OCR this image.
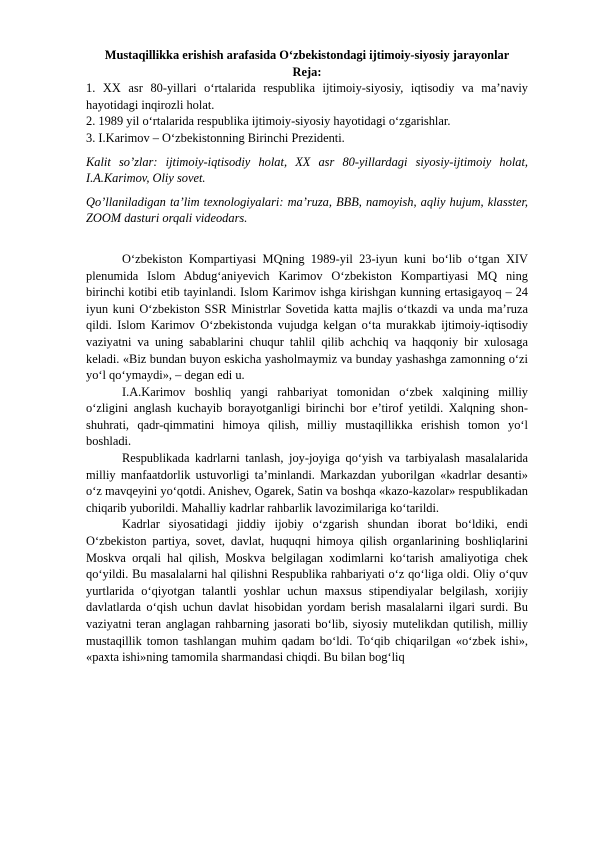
Mustaqillikka erishish arafasida O‘zbekistondagi ijtimoiy-siyosiy jarayonlar

Reja:

1. XX asr 80-yillari o‘rtalarida respublika ijtimoiy-siyosiy, iqtisodiy va ma’naviy hayotidagi inqirozli holat.

2. 1989 yil o‘rtalarida respublika ijtimoiy-siyosiy hayotidagi o‘zgarishlar.

3. I.Karimov – O‘zbekistonning Birinchi Prezidenti.

Kalit so’zlar: ijtimoiy-iqtisodiy holat, XX asr 80-yillardagi siyosiy-ijtimoiy holat, I.A.Karimov, Oliy sovet.

Qo’llaniladigan ta’lim texnologiyalari: ma’ruza, BBB, namoyish, aqliy hujum, klasster, ZOOM dasturi orqali videodars.

O‘zbekiston Kompartiyasi MQning 1989-yil 23-iyun kuni bo‘lib o‘tgan XIV plenumida Islom Abdug‘aniyevich Karimov O‘zbekiston Kompartiyasi MQ ning birinchi kotibi etib tayinlandi. Islom Karimov ishga kirishgan kunning ertasigayoq – 24 iyun kuni O‘zbekiston SSR Ministrlar Sovetida katta majlis o‘tkazdi va unda ma’ruza qildi. Islom Karimov O‘zbekistonda vujudga kelgan o‘ta murakkab ijtimoiy-iqtisodiy vaziyatni va uning sabablarini chuqur tahlil qilib achchiq va haqqoniy bir xulosaga keladi. «Biz bundan buyon eskicha yasholmaymiz va bunday yashashga zamonning o‘zi yo‘l qo‘ymaydi», – degan edi u.

I.A.Karimov boshliq yangi rahbariyat tomonidan o‘zbek xalqining milliy o‘zligini anglash kuchayib borayotganligi birinchi bor e’tirof yetildi. Xalqning shon-shuhrati, qadr-qimmatini himoya qilish, milliy mustaqillikka erishish tomon yo‘l boshladi.

Respublikada kadrlarni tanlash, joy-joyiga qo‘yish va tarbiyalash masalalarida milliy manfaatdorlik ustuvorligi ta’minlandi. Markazdan yuborilgan «kadrlar desanti» o‘z mavqeyini yo‘qotdi. Anishev, Ogarek, Satin va boshqa «kazo-kazolar» respublikadan chiqarib yuborildi. Mahalliy kadrlar rahbarlik lavozimilariga ko‘tarildi.

Kadrlar siyosatidagi jiddiy ijobiy o‘zgarish shundan iborat bo‘ldiki, endi O‘zbekiston partiya, sovet, davlat, huquqni himoya qilish organlarining boshliqlarini Moskva orqali hal qilish, Moskva belgilagan xodimlarni ko‘tarish amaliyotiga chek qo‘yildi. Bu masalalarni hal qilishni Respublika rahbariyati o‘z qo‘liga oldi. Oliy o‘quv yurtlarida o‘qiyotgan talantli yoshlar uchun maxsus stipendiyalar belgilash, xorijiy davlatlarda o‘qish uchun davlat hisobidan yordam berish masalalarni ilgari surdi. Bu vaziyatni teran anglagan rahbarning jasorati bo‘lib, siyosiy mutelikdan qutilish, milliy mustaqillik tomon tashlangan muhim qadam bo‘ldi. To‘qib chiqarilgan «o‘zbek ishi», «paxta ishi»ning tamomila sharmandasi chiqdi. Bu bilan bog‘liq
